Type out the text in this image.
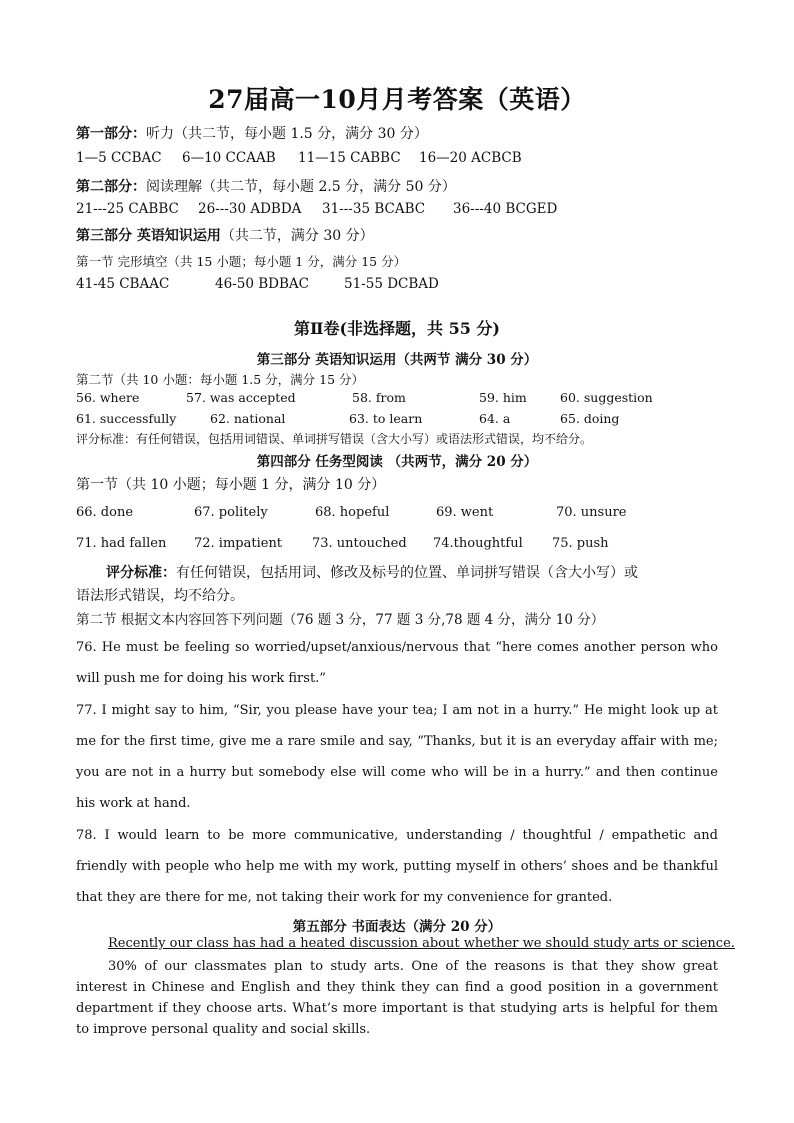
27届高一10月月考答案（英语）
第一部分：听力（共二节，每小题 1.5 分，满分 30 分）
1—5 CCBAC 6—10 CCAAB 11—15 CABBC 16—20 ACBCB
第二部分：阅读理解（共二节，每小题 2.5 分，满分 50 分）
21---25 CABBC 26---30 ADBDA 31---35 BCABC 36---40 BCGED
第三部分 英语知识运用（共二节，满分 30 分）
第一节 完形填空（共 15 小题；每小题 1 分，满分 15 分）
41-45 CBAAC	46-50 BDBAC	51-55 DCBAD
第Ⅱ卷(非选择题，共 55 分)
第三部分 英语知识运用（共两节 满分 30 分）
第二节（共 10 小题：每小题 1.5 分，满分 15 分）
56. where	57. was accepted	58. from	59. him	60. suggestion
61. successfully	62. national	63. to learn	64. a	65. doing
评分标准：有任何错误，包括用词错误、单词拼写错误（含大小写）或语法形式错误，均不给分。
第四部分 任务型阅读 （共两节，满分 20 分）
第一节（共 10 小题；每小题 1 分，满分 10 分）
66. done	67. politely	68. hopeful	69. went	70. unsure
71. had fallen 72. impatient 73. untouched 74.thoughtful 75. push
评分标准：有任何错误，包括用词、修改及标号的位置、单词拼写错误（含大小写）或
语法形式错误，均不给分。
第二节 根据文本内容回答下列问题（76 题 3 分，77 题 3 分,78 题 4 分，满分 10 分）
76. He must be feeling so worried/upset/anxious/nervous that “here comes another person who will push me for doing his work first.”
77. I might say to him, “Sir, you please have your tea; I am not in a hurry.” He might look up at me for the first time, give me a rare smile and say, “Thanks, but it is an everyday affair with me; you are not in a hurry but somebody else will come who will be in a hurry.” and then continue his work at hand.
78. I would learn to be more communicative, understanding / thoughtful / empathetic and friendly with people who help me with my work, putting myself in others’ shoes and be thankful that they are there for me, not taking their work for my convenience for granted.
第五部分 书面表达（满分 20 分）
Recently our class has had a heated discussion about whether we should study arts or science.
30% of our classmates plan to study arts. One of the reasons is that they show great interest in Chinese and English and they think they can find a good position in a government department if they choose arts. What’s more important is that studying arts is helpful for them to improve personal quality and social skills.
